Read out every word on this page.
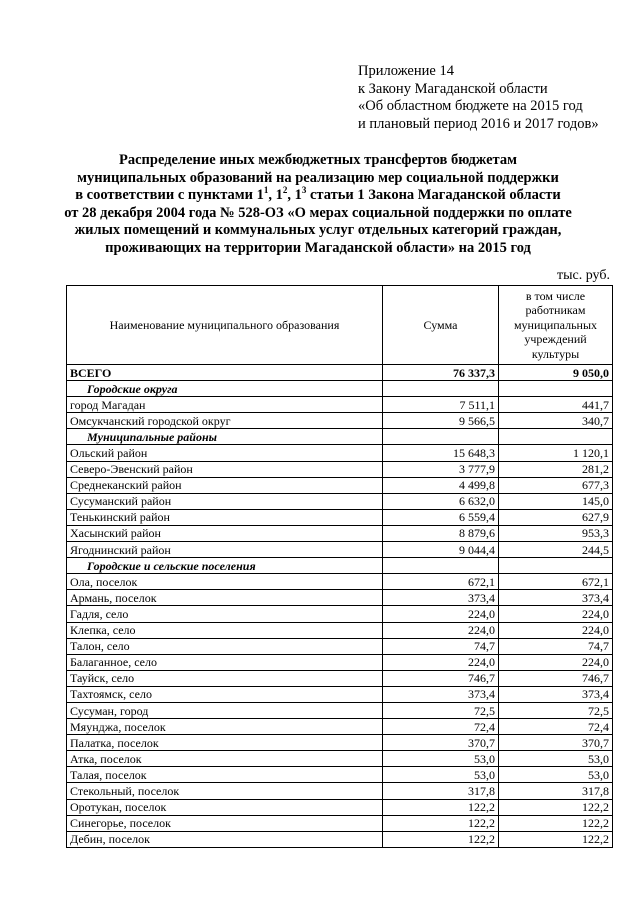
Приложение 14
к Закону Магаданской области
«Об областном бюджете на 2015 год
и плановый период 2016 и 2017 годов»
Распределение иных межбюджетных трансфертов бюджетам
муниципальных образований на реализацию мер социальной поддержки
в соответствии с пунктами $1^1$, $1^2$, $1^3$ статьи 1 Закона Магаданской области
от 28 декабря 2004 года № 528-ОЗ «О мерах социальной поддержки по оплате
жилых помещений и коммунальных услуг отдельных категорий граждан,
проживающих на территории Магаданской области» на 2015 год
тыс. руб.
Наименование муниципального образования	Сумма	в том числе работникам муниципальных учреждений культуры
ВСЕГО	76 337,3	9 050,0
Городские округа		
город Магадан	7 511,1	441,7
Омсукчанский городской округ	9 566,5	340,7
Муниципальные районы		
Ольский район	15 648,3	1 120,1
Северо-Эвенский район	3 777,9	281,2
Среднеканский район	4 499,8	677,3
Сусуманский район	6 632,0	145,0
Тенькинский район	6 559,4	627,9
Хасынский район	8 879,6	953,3
Ягоднинский район	9 044,4	244,5
Городские и сельские поселения		
Ола, поселок	672,1	672,1
Армань, поселок	373,4	373,4
Гадля, село	224,0	224,0
Клепка, село	224,0	224,0
Талон, село	74,7	74,7
Балаганное, село	224,0	224,0
Тауйск, село	746,7	746,7
Тахтоямск, село	373,4	373,4
Сусуман, город	72,5	72,5
Мяунджа, поселок	72,4	72,4
Палатка, поселок	370,7	370,7
Атка, поселок	53,0	53,0
Талая, поселок	53,0	53,0
Стекольный, поселок	317,8	317,8
Оротукан, поселок	122,2	122,2
Синегорье, поселок	122,2	122,2
Дебин, поселок	122,2	122,2
